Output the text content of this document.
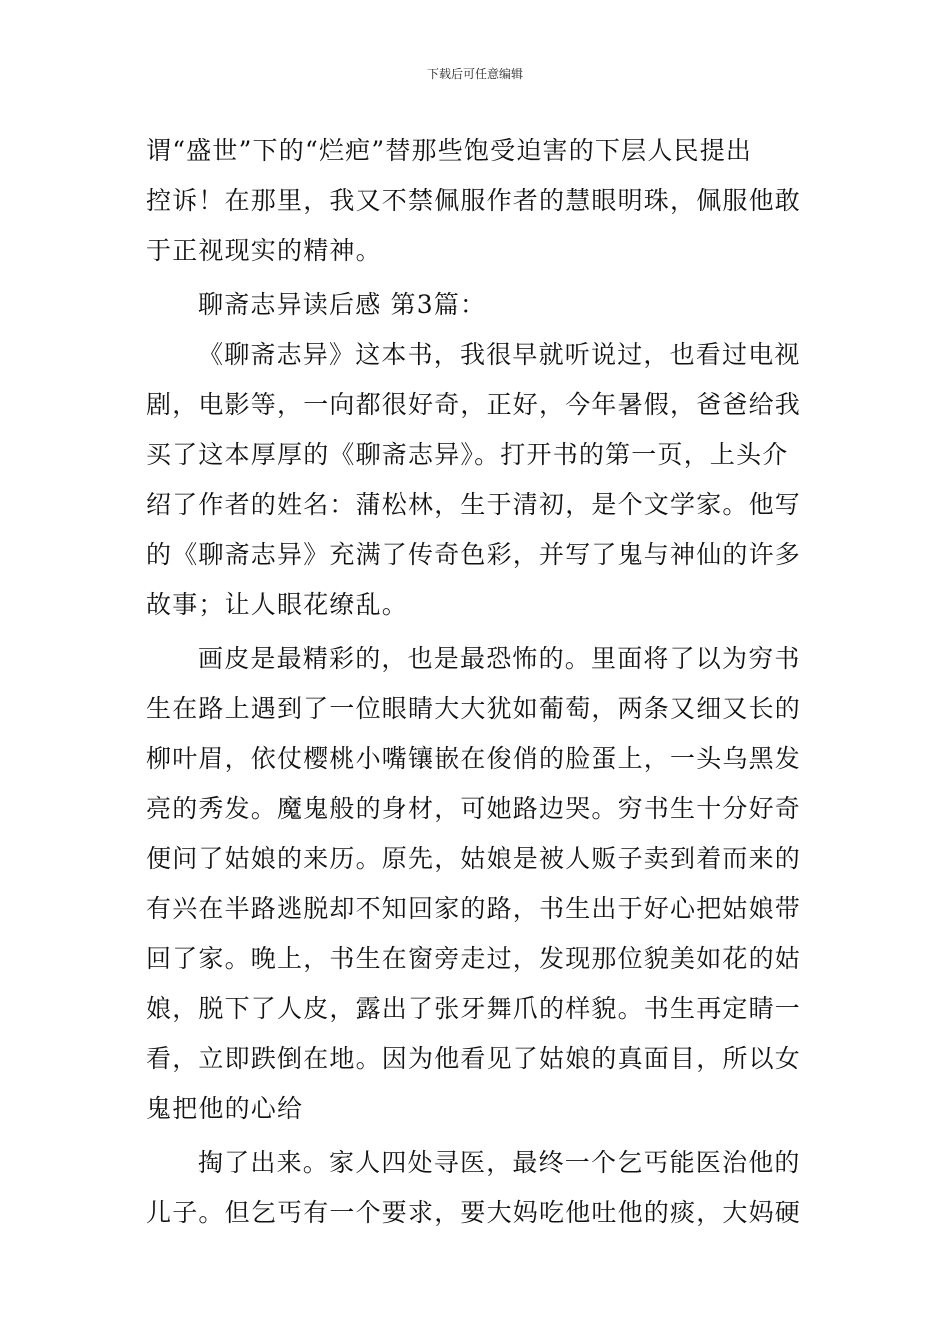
下载后可任意编辑
谓“盛世”下的“烂疤”替那些饱受迫害的下层人民提出
控诉！在那里，我又不禁佩服作者的慧眼明珠，佩服他敢
于正视现实的精神。
聊斋志异读后感 第3篇：
《聊斋志异》这本书，我很早就听说过，也看过电视
剧，电影等，一向都很好奇，正好，今年暑假，爸爸给我
买了这本厚厚的《聊斋志异》。打开书的第一页，上头介
绍了作者的姓名：蒲松林，生于清初，是个文学家。他写
的《聊斋志异》充满了传奇色彩，并写了鬼与神仙的许多
故事；让人眼花缭乱。
画皮是最精彩的，也是最恐怖的。里面将了以为穷书
生在路上遇到了一位眼睛大大犹如葡萄，两条又细又长的
柳叶眉，依仗樱桃小嘴镶嵌在俊俏的脸蛋上，一头乌黑发
亮的秀发。魔鬼般的身材，可她路边哭。穷书生十分好奇
便问了姑娘的来历。原先，姑娘是被人贩子卖到着而来的
有兴在半路逃脱却不知回家的路，书生出于好心把姑娘带
回了家。晚上，书生在窗旁走过，发现那位貌美如花的姑
娘，脱下了人皮，露出了张牙舞爪的样貌。书生再定睛一
看，立即跌倒在地。因为他看见了姑娘的真面目，所以女
鬼把他的心给
掏了出来。家人四处寻医，最终一个乞丐能医治他的
儿子。但乞丐有一个要求，要大妈吃他吐他的痰，大妈硬
